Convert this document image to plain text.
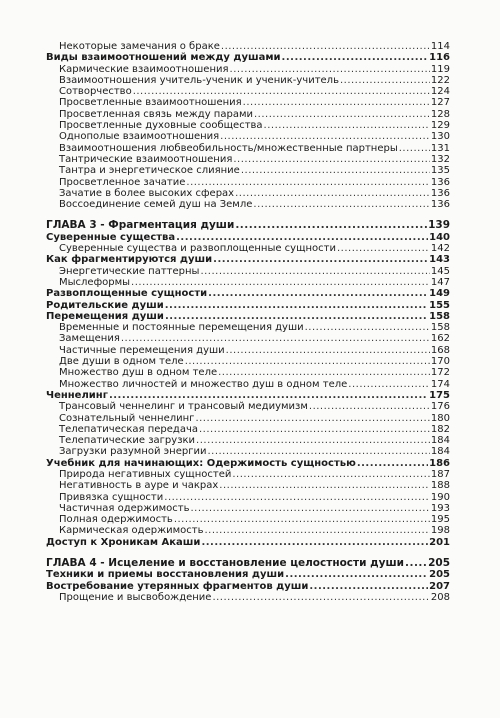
Некоторые замечания о браке .....	114
Виды взаимоотношений между душами .....	116
Кармические взаимоотношения .....	119
Взаимоотношения учитель-ученик и ученик-учитель .....	122
Сотворчество .....	124
Просветленные взаимоотношения .....	127
Просветленная связь между парами .....	128
Просветленные духовные сообщества .....	129
Однополые взаимоотношения .....	130
Взаимоотношения любвеобильность/множественные партнеры .....	131
Тантрические взаимоотношения .....	132
Тантра и энергетическое слияние .....	135
Просветленное зачатие .....	136
Зачатие в более высоких сферах .....	136
Воссоединение семей душ на Земле .....	136
ГЛАВА 3 - Фрагментация души .....	139
Суверенные существа .....	140
Суверенные существа и развоплощенные сущности .....	142
Как фрагментируются души .....	143
Энергетические паттерны .....	145
Мыслеформы .....	147
Развоплощенные сущности .....	149
Родительские души .....	155
Перемещения души .....	158
Временные и постоянные перемещения души .....	158
Замещения .....	162
Частичные перемещения души .....	168
Две души в одном теле .....	170
Множество душ в одном теле .....	172
Множество личностей и множество душ в одном теле .....	174
Ченнелинг .....	175
Трансовый ченнелинг и трансовый медиумизм .....	176
Сознательный ченнелинг .....	180
Телепатическая передача .....	182
Телепатические загрузки .....	184
Загрузки разумной энергии .....	184
Учебник для начинающих: Одержимость сущностью .....	186
Природа негативных сущностей .....	187
Негативность в ауре и чакрах .....	188
Привязка сущности .....	190
Частичная одержимость .....	193
Полная одержимость .....	195
Кармическая одержимость .....	198
Доступ к Хроникам Акаши .....	201
ГЛАВА 4 - Исцеление и восстановление целостности души ..... 205
Техники и приемы восстановления души .....	205
Востребование утерянных фрагментов души .....	207
Прощение и высвобождение .....	208
